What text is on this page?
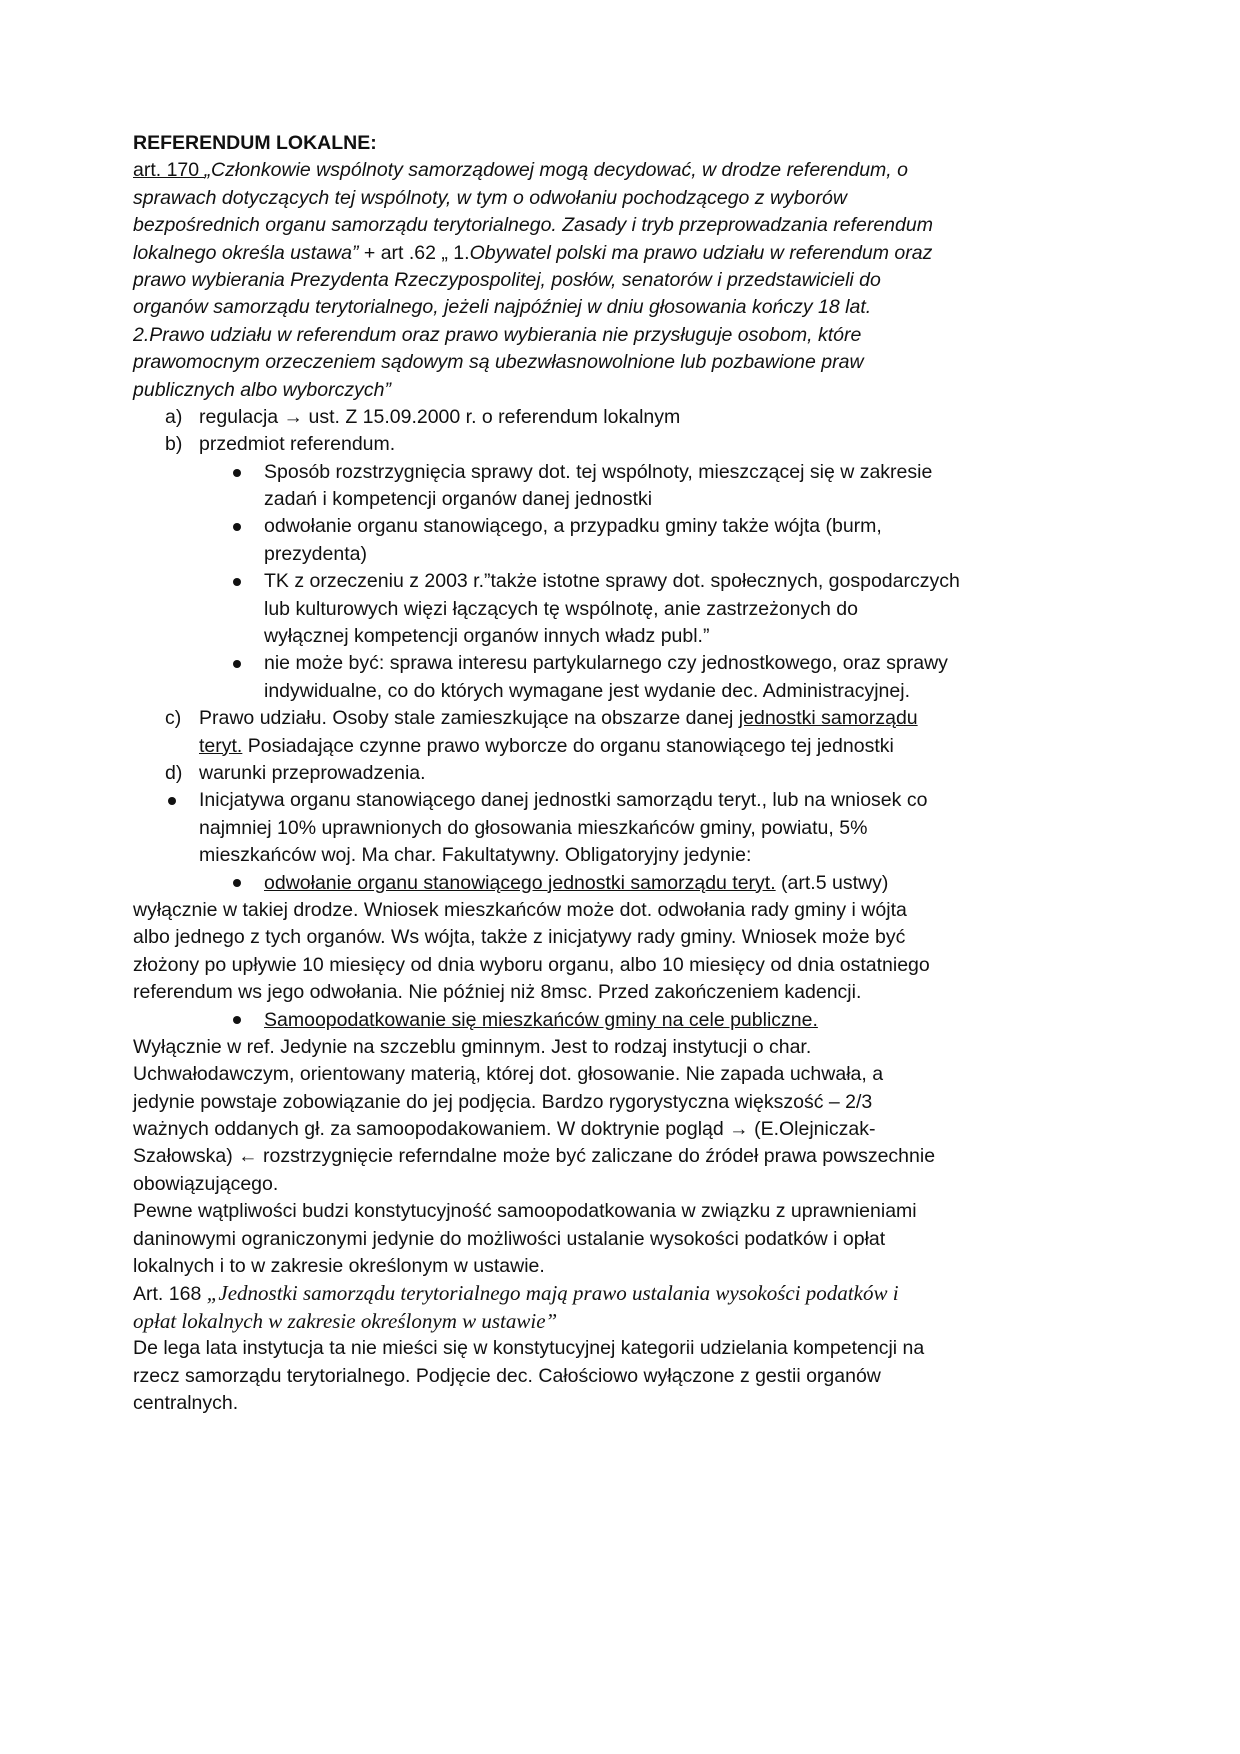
REFERENDUM LOKALNE:
art. 170 „Członkowie wspólnoty samorządowej mogą decydować, w drodze referendum, o
sprawach dotyczących tej wspólnoty, w tym o odwołaniu pochodzącego z wyborów
bezpośrednich organu samorządu terytorialnego. Zasady i tryb przeprowadzania referendum
lokalnego określa ustawa” + art .62 „ 1.Obywatel polski ma prawo udziału w referendum oraz
prawo wybierania Prezydenta Rzeczypospolitej, posłów, senatorów i przedstawicieli do
organów samorządu terytorialnego, jeżeli najpóźniej w dniu głosowania kończy 18 lat.
2.Prawo udziału w referendum oraz prawo wybierania nie przysługuje osobom, które
prawomocnym orzeczeniem sądowym są ubezwłasnowolnione lub pozbawione praw
publicznych albo wyborczych”
a) regulacja → ust. Z 15.09.2000 r. o referendum lokalnym
b) przedmiot referendum.
Sposób rozstrzygnięcia sprawy dot. tej wspólnoty, mieszczącej się w zakresie
zadań i kompetencji organów danej jednostki
odwołanie organu stanowiącego, a przypadku gminy także wójta (burm,
prezydenta)
TK z orzeczeniu z 2003 r.”także istotne sprawy dot. społecznych, gospodarczych
lub kulturowych więzi łączących tę wspólnotę, anie zastrzeżonych do
wyłącznej kompetencji organów innych władz publ.”
nie może być: sprawa interesu partykularnego czy jednostkowego, oraz sprawy
indywidualne, co do których wymagane jest wydanie dec. Administracyjnej.
c) Prawo udziału. Osoby stale zamieszkujące na obszarze danej jednostki samorządu
teryt. Posiadające czynne prawo wyborcze do organu stanowiącego tej jednostki
d) warunki przeprowadzenia.
Inicjatywa organu stanowiącego danej jednostki samorządu teryt., lub na wniosek co
najmniej 10% uprawnionych do głosowania mieszkańców gminy, powiatu, 5%
mieszkańców woj. Ma char. Fakultatywny. Obligatoryjny jedynie:
odwołanie organu stanowiącego jednostki samorządu teryt. (art.5 ustwy)
wyłącznie w takiej drodze. Wniosek mieszkańców może dot. odwołania rady gminy i wójta
albo jednego z tych organów. Ws wójta, także z inicjatywy rady gminy. Wniosek może być
złożony po upływie 10 miesięcy od dnia wyboru organu, albo 10 miesięcy od dnia ostatniego
referendum ws jego odwołania. Nie później niż 8msc. Przed zakończeniem kadencji.
Samoopodatkowanie się mieszkańców gminy na cele publiczne.
Wyłącznie w ref. Jedynie na szczeblu gminnym. Jest to rodzaj instytucji o char.
Uchwałodawczym, orientowany materią, której dot. głosowanie. Nie zapada uchwała, a
jedynie powstaje zobowiązanie do jej podjęcia. Bardzo rygorystyczna większość – 2/3
ważnych oddanych gł. za samoopodakowaniem. W doktrynie pogląd → (E.Olejniczak-
Szałowska) ← rozstrzygnięcie referndalne może być zaliczane do źródeł prawa powszechnie
obowiązującego.
Pewne wątpliwości budzi konstytucyjność samoopodatkowania w związku z uprawnieniami
daninowymi ograniczonymi jedynie do możliwości ustalanie wysokości podatków i opłat
lokalnych i to w zakresie określonym w ustawie.
Art. 168 „Jednostki samorządu terytorialnego mają prawo ustalania wysokości podatków i
opłat lokalnych w zakresie określonym w ustawie”
De lega lata instytucja ta nie mieści się w konstytucyjnej kategorii udzielania kompetencji na
rzecz samorządu terytorialnego. Podjęcie dec. Całościowo wyłączone z gestii organów
centralnych.
